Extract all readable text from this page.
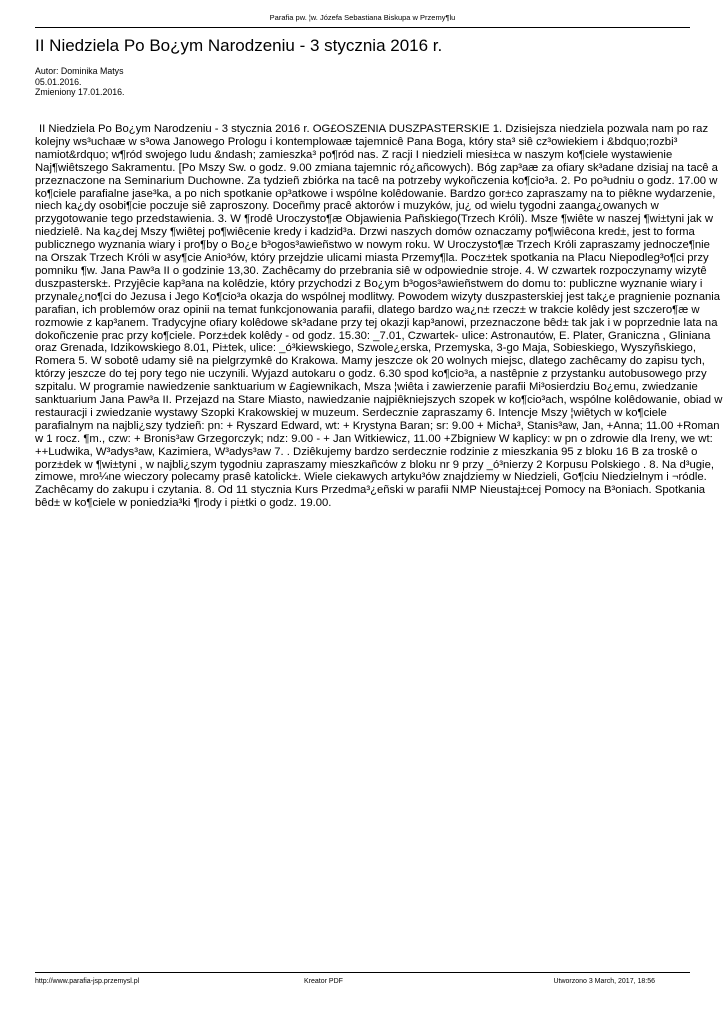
Parafia pw. ¦w. Józefa Sebastiana Biskupa w Przemy¶lu
II Niedziela Po Bo¿ym Narodzeniu - 3 stycznia 2016 r.
Autor: Dominika Matys
05.01.2016.
Zmieniony 17.01.2016.

II Niedziela Po Bo¿ym Narodzeniu - 3 stycznia 2016 r. OG£OSZENIA DUSZPASTERSKIE 1. Dzisiejsza niedziela pozwala nam po raz kolejny ws³uchaæ w s³owa Janowego Prologu i kontemplowaæ tajemnicê Pana Boga, który sta³ siê cz³owiekiem i &bdquo;rozbi³ namiot&rdquo; w¶ród swojego ludu &ndash; zamieszka³ po¶ród nas. Z racji I niedzieli miesi±ca w naszym ko¶ciele wystawienie Naj¶wiêtszego Sakramentu. [Po Mszy Sw. o godz. 9.00 zmiana tajemnic ró¿añcowych). Bóg zap³aæ za ofiary sk³adane dzisiaj na tacê a przeznaczone na Seminarium Duchowne. Za tydzieñ zbiórka na tacê na potrzeby wykoñczenia ko¶cio³a. 2. Po po³udniu o godz. 17.00 w ko¶ciele parafialne jase³ka, a po nich spotkanie op³atkowe i wspólne kolêdowanie. Bardzo gor±co zapraszamy na to piêkne wydarzenie, niech ka¿dy osobi¶cie poczuje siê zaproszony. Doceñmy pracê aktorów i muzyków, ju¿ od wielu tygodni zaanga¿owanych w przygotowanie tego przedstawienia. 3. W ¶rodê Uroczysto¶æ Objawienia Pañskiego(Trzech Króli). Msze ¶wiête w naszej ¶wi±tyni jak w niedzielê. Na ka¿dej Mszy ¶wiêtej po¶wiêcenie kredy i kadzid³a. Drzwi naszych domów oznaczamy po¶wiêcona kred±, jest to forma publicznego wyznania wiary i pro¶by o Bo¿e b³ogos³awieñstwo w nowym roku. W Uroczysto¶æ Trzech Króli zapraszamy jednocze¶nie na Orszak Trzech Króli w asy¶cie Anio³ów, który przejdzie ulicami miasta Przemy¶la. Pocz±tek spotkania na Placu Niepodleg³o¶ci przy pomniku ¶w. Jana Paw³a II o godzinie 13,30. Zachêcamy do przebrania siê w odpowiednie stroje. 4. W czwartek rozpoczynamy wizytê duszpastersk±. Przyjêcie kap³ana na kolêdzie, który przychodzi z Bo¿ym b³ogos³awieñstwem do domu to: publiczne wyznanie wiary i przynale¿no¶ci do Jezusa i Jego Ko¶cio³a okazja do wspólnej modlitwy. Powodem wizyty duszpasterskiej jest tak¿e pragnienie poznania parafian, ich problemów oraz opinii na temat funkcjonowania parafii, dlatego bardzo wa¿n± rzecz± w trakcie kolêdy jest szczero¶æ w rozmowie z kap³anem. Tradycyjne ofiary kolêdowe sk³adane przy tej okazji kap³anowi, przeznaczone bêd± tak jak i w poprzednie lata na dokoñczenie prac przy ko¶ciele. Porz±dek kolêdy - od godz. 15.30: _7.01, Czwartek- ulice: Astronautów, E. Plater, Graniczna , Gliniana oraz Grenada, Idzikowskiego 8.01, Pi±tek, ulice: _ó³kiewskiego, Szwole¿erska, Przemyska, 3-go Maja, Sobieskiego, Wyszyñskiego, Romera 5. W sobotê udamy siê na pielgrzymkê do Krakowa. Mamy jeszcze ok 20 wolnych miejsc, dlatego zachêcamy do zapisu tych, którzy jeszcze do tej pory tego nie uczynili. Wyjazd autokaru o godz. 6.30 spod ko¶cio³a, a nastêpnie z przystanku autobusowego przy szpitalu. W programie nawiedzenie sanktuarium w £agiewnikach, Msza ¦wiêta i zawierzenie parafii Mi³osierdziu Bo¿emu, zwiedzanie sanktuarium Jana Paw³a II. Przejazd na Stare Miasto, nawiedzanie najpiêkniejszych szopek w ko¶cio³ach, wspólne kolêdowanie, obiad w restauracji i zwiedzanie wystawy Szopki Krakowskiej w muzeum. Serdecznie zapraszamy 6. Intencje Mszy ¦wiêtych w ko¶ciele parafialnym na najbli¿szy tydzieñ: pn: + Ryszard Edward, wt: + Krystyna Baran; sr: 9.00 + Micha³, Stanis³aw, Jan, +Anna; 11.00 +Roman w 1 rocz. ¶m., czw: + Bronis³aw Grzegorczyk; ndz: 9.00 - + Jan Witkiewicz, 11.00 +Zbigniew W kaplicy: w pn o zdrowie dla Ireny, we wt: ++Ludwika, W³adys³aw, Kazimiera, W³adys³aw 7. . Dziêkujemy bardzo serdecznie rodzinie z mieszkania 95 z bloku 16 B za troskê o porz±dek w ¶wi±tyni , w najbli¿szym tygodniu zapraszamy mieszkañców z bloku nr 9 przy _ó³nierzy 2 Korpusu Polskiego . 8. Na d³ugie, zimowe, mro¼ne wieczory polecamy prasê katolick±. Wiele ciekawych artyku³ów znajdziemy w Niedzieli, Go¶ciu Niedzielnym i ¬ródle. Zachêcamy do zakupu i czytania. 8. Od 11 stycznia Kurs Przedma³¿eñski w parafii NMP Nieustaj±cej Pomocy na B³oniach. Spotkania bêd± w ko¶ciele w poniedzia³ki ¶rody i pi±tki o godz. 19.00.

http://www.parafia-jsp.przemysl.pl	Kreator PDF	Utworzono 3 March, 2017, 18:56
